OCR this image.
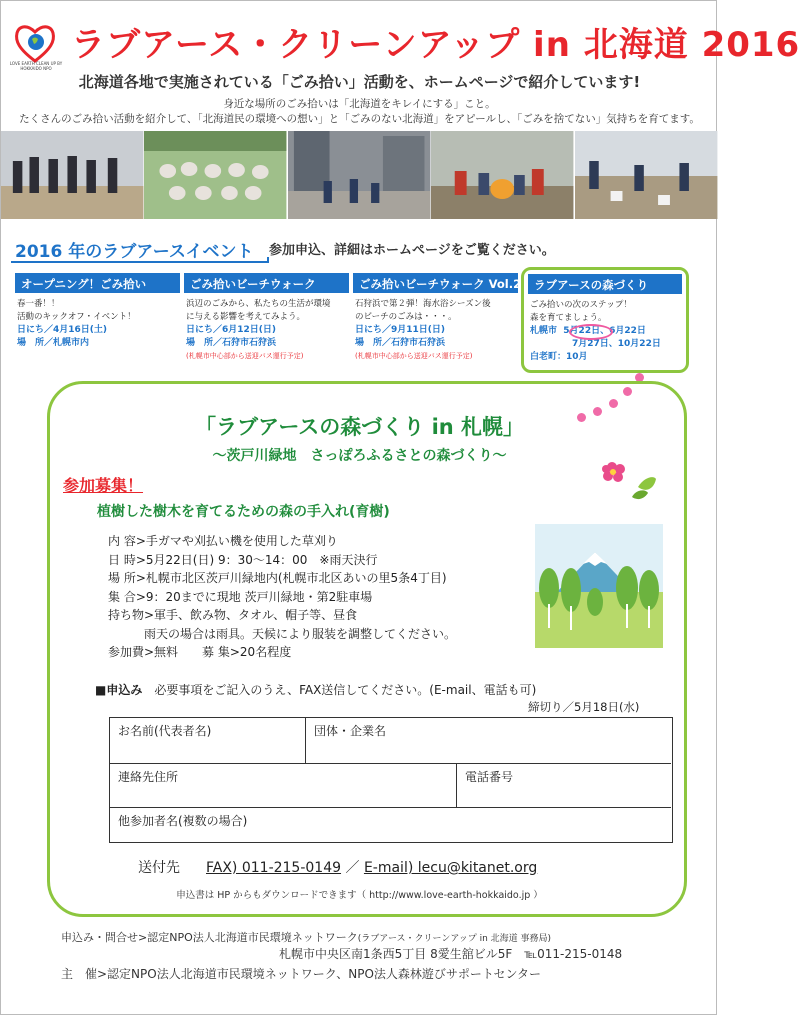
LOVE EARTH CLEAN UP BY HOKKAIDO NPO
ラブアース・クリーンアップ in 北海道 2016
北海道各地で実施されている「ごみ拾い」活動を、ホームページで紹介しています!
身近な場所のごみ拾いは「北海道をキレイにする」こと。
たくさんのごみ拾い活動を紹介して、「北海道民の環境への想い」と「ごみのない北海道」をアピールし、「ごみを捨てない」気持ちを育てます。
2016 年のラブアースイベント 参加申込、詳細はホームページをご覧ください。
オープニング！ごみ拾い
春一番！！
活動のキックオフ・イベント！
日にち／4月16日(土)
場　所／札幌市内
ごみ拾いビーチウォーク
浜辺のごみから、私たちの生活が環境
に与える影響を考えてみよう。
日にち／6月12日(日)
場　所／石狩市石狩浜
(札幌市中心部から送迎バス運行予定)
ごみ拾いビーチウォーク Vol.2
石狩浜で第２弾！海水浴シーズン後
のビーチのごみは・・・。
日にち／9月11日(日)
場　所／石狩市石狩浜
(札幌市中心部から送迎バス運行予定)
ラブアースの森づくり
ごみ拾いの次のステップ！
森を育てましょう。
札幌市 5月22日、6月22日
7月27日、10月22日
白老町：10月
「ラブアースの森づくり in 札幌」
～茨戸川緑地　さっぽろふるさとの森づくり～
参加募集！
植樹した樹木を育てるための森の手入れ(育樹)
内 容>手ガマや刈払い機を使用した草刈り
日 時>5月22日(日) 9：30～14：00　※雨天決行
場 所>札幌市北区茨戸川緑地内(札幌市北区あいの里5条4丁目)
集 合>9：20までに現地 茨戸川緑地・第2駐車場
持ち物>軍手、飲み物、タオル、帽子等、昼食
　　　雨天の場合は雨具。天候により服装を調整してください。
参加費>無料　　募 集>20名程度
■申込み 必要事項をご記入のうえ、FAX送信してください。(E-mail、電話も可)
締切り／5月18日(水)
お名前(代表者名)	団体・企業名
連絡先住所	電話番号
他参加者名(複数の場合)
送付先 FAX) 011-215-0149 ／ E-mail) lecu@kitanet.org
申込書は HP からもダウンロードできます（ http://www.love-earth-hokkaido.jp ）
申込み・問合せ>認定NPO法人北海道市民環境ネットワーク(ラブアース・クリーンアップ in 北海道 事務局)
札幌市中央区南1条西5丁目 8愛生舘ビル5F　℡011-215-0148
主　催>認定NPO法人北海道市民環境ネットワーク、NPO法人森林遊びサポートセンター
